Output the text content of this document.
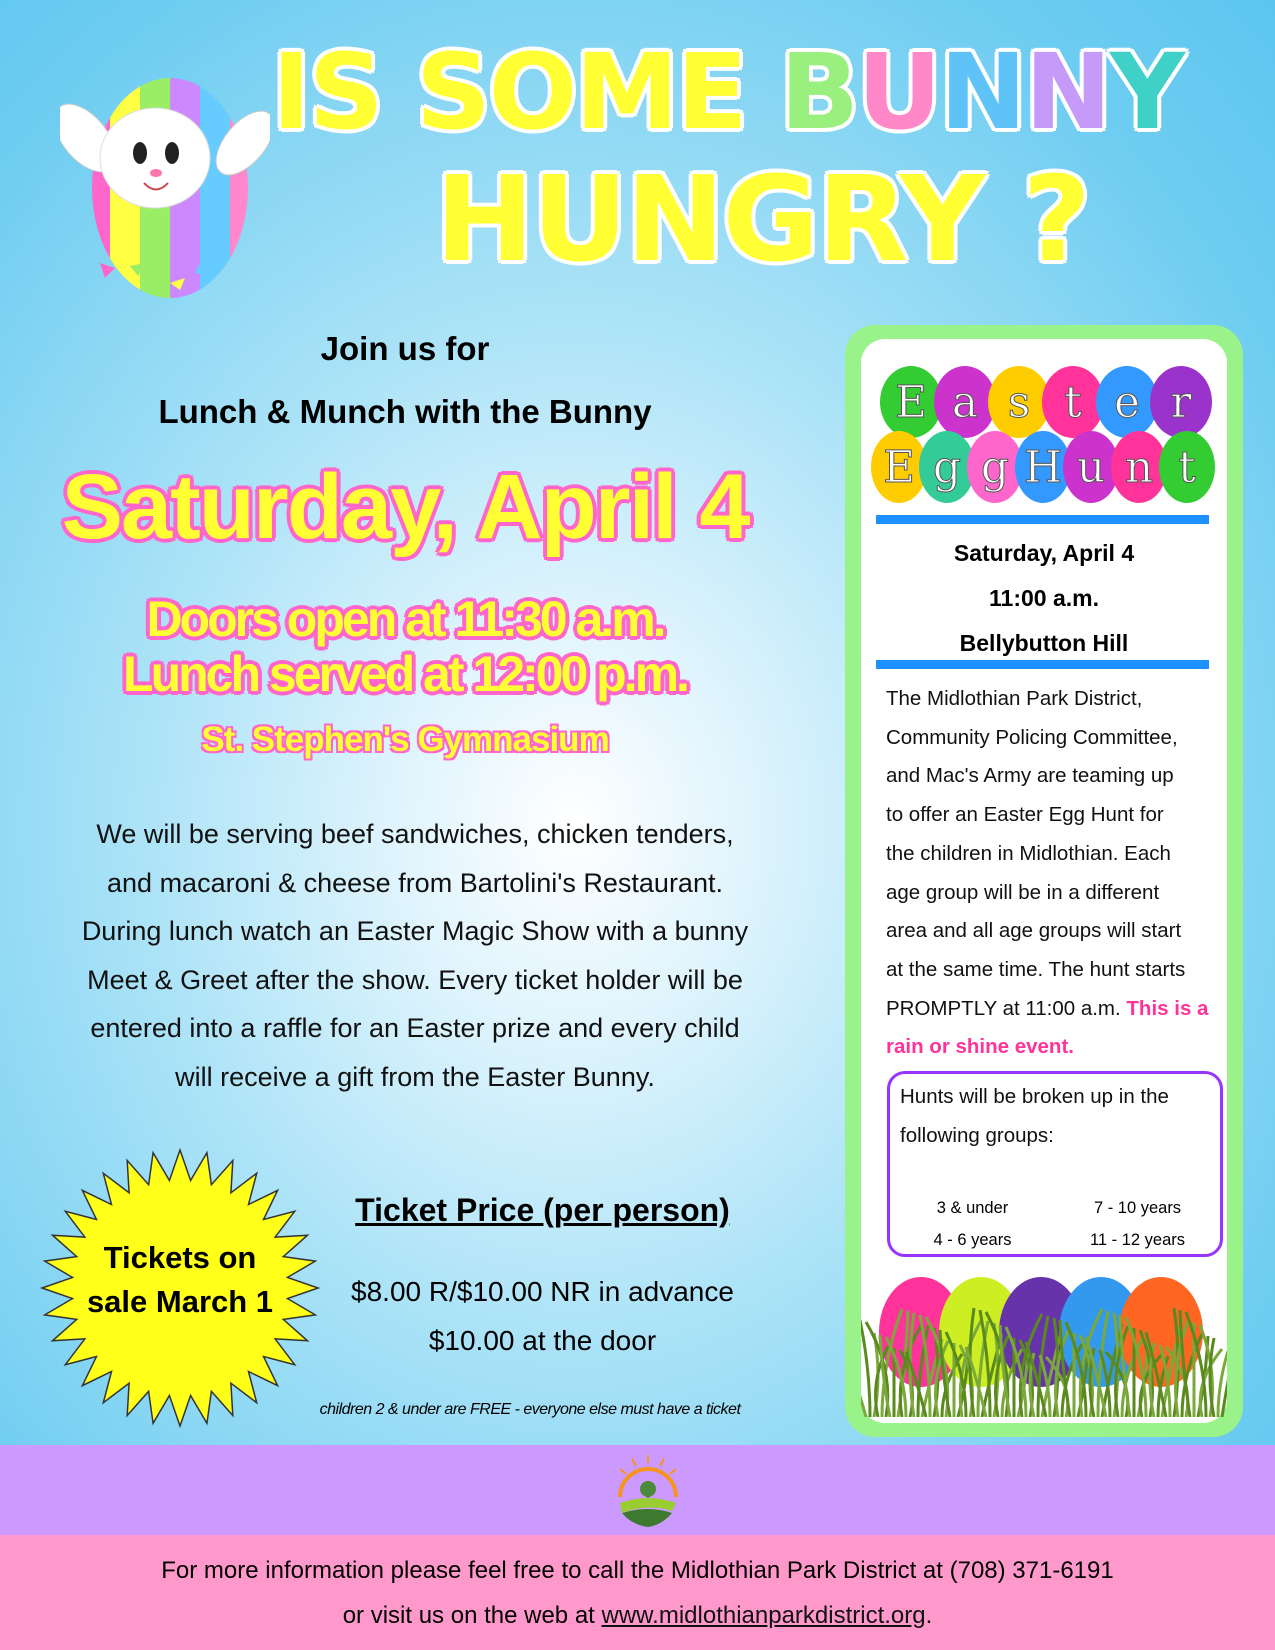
IS SOME BUNNY
HUNGRY ?
Join us for
Lunch & Munch with the Bunny
Saturday, April 4
Doors open at 11:30 a.m.
Lunch served at 12:00 p.m.
St. Stephen's Gymnasium
We will be serving beef sandwiches, chicken tenders,
and macaroni & cheese from Bartolini's Restaurant.
During lunch watch an Easter Magic Show with a bunny
Meet & Greet after the show. Every ticket holder will be
entered into a raffle for an Easter prize and every child
will receive a gift from the Easter Bunny.
Tickets on
sale March 1
Ticket Price (per person)
$8.00 R/$10.00 NR in advance
$10.00 at the door
children 2 & under are FREE - everyone else must have a ticket
E a s t e r
E g g H u n t
Saturday, April 4
11:00 a.m.
Bellybutton Hill
The Midlothian Park District,
Community Policing Committee,
and Mac's Army are teaming up
to offer an Easter Egg Hunt for
the children in Midlothian. Each
age group will be in a different
area and all age groups will start
at the same time. The hunt starts
PROMPTLY at 11:00 a.m. This is a
rain or shine event.
Hunts will be broken up in the
following groups:
3 & under	7 - 10 years
4 - 6 years	11 - 12 years
For more information please feel free to call the Midlothian Park District at (708) 371-6191
or visit us on the web at www.midlothianparkdistrict.org.
